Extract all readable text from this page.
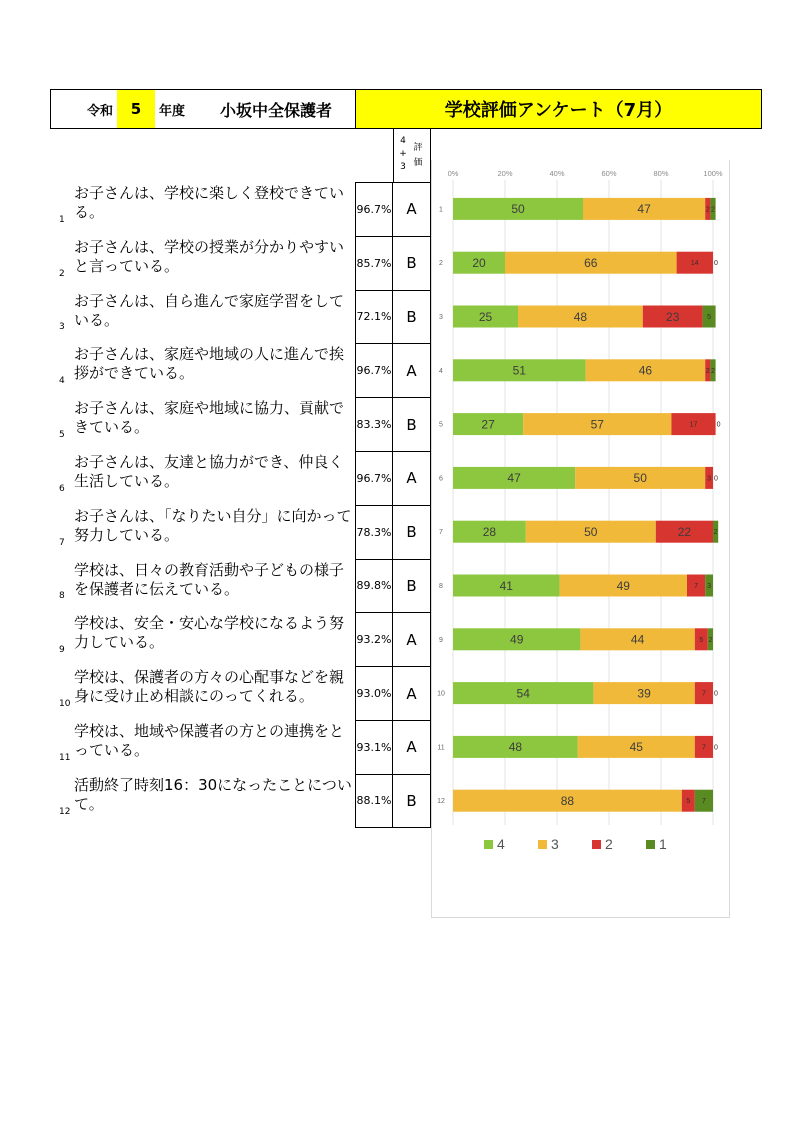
令和	5	年度	小坂中全保護者	学校評価アンケート（7月）
4
+
3
評
価
1
お子さんは、学校に楽しく登校できている。	96.7% A
2
お子さんは、学校の授業が分かりやすいと言っている。	85.7% B
3
お子さんは、自ら進んで家庭学習をしている。	72.1% B
4
お子さんは、家庭や地域の人に進んで挨拶ができている。	96.7% A
5
お子さんは、家庭や地域に協力、貢献できている。	83.3% B
6
お子さんは、友達と協力ができ、仲良く生活している。	96.7% A
7
お子さんは、「なりたい自分」に向かって努力している。	78.3% B
8
学校は、日々の教育活動や子どもの様子を保護者に伝えている。	89.8% B
9
学校は、安全・安心な学校になるよう努力している。	93.2% A
10
学校は、保護者の方々の心配事などを親身に受け止め相談にのってくれる。	93.0% A
11
学校は、地域や保護者の方との連携をとっている。	93.1% A
12
活動終了時刻16：30になったことについて。	88.1% B
0%	20%	40%	60%	80%	100%
1	50	47	2 2
2 20	66	14 0
3	25	48	23	5
4	51	46	2 2
5	27	57	17	0
6	47	50	3 0
7	28	50	22	2
8	41	49	7 3
9	49	44	5 2
10	54	39	7 0
11	48	45	7 0
12	88	5 7
4	3	2	1
